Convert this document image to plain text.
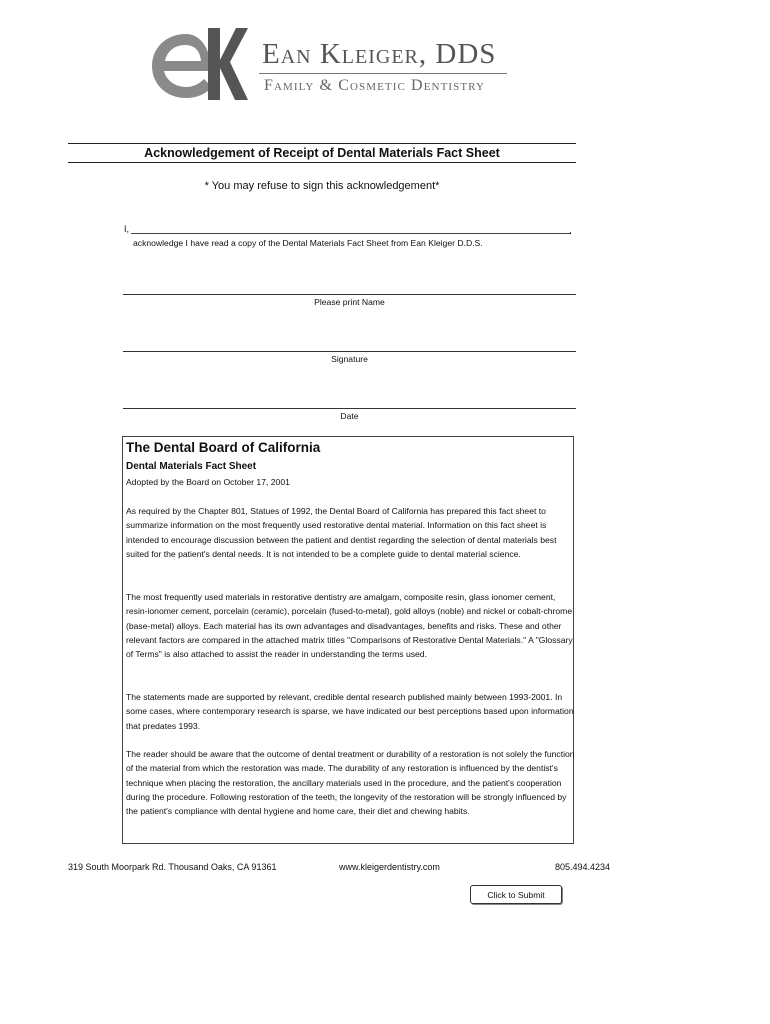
Ean Kleiger, DDS
Family & Cosmetic Dentistry
Acknowledgement of Receipt of Dental Materials Fact Sheet
* You may refuse to sign this acknowledgement*
I,	,
acknowledge I have read a copy of the Dental Materials Fact Sheet from Ean Kleiger D.D.S.
Please print Name
Signature
Date
The Dental Board of California
Dental Materials Fact Sheet
Adopted by the Board on October 17, 2001
As required by the Chapter 801, Statues of 1992, the Dental Board of California has prepared this fact sheet to summarize information on the most frequently used restorative dental material. Information on this fact sheet is intended to encourage discussion between the patient and dentist regarding the selection of dental materials best suited for the patient's dental needs. It is not intended to be a complete guide to dental material science.
The most frequently used materials in restorative dentistry are amalgam, composite resin, glass ionomer cement, resin-ionomer cement, porcelain (ceramic), porcelain (fused-to-metal), gold alloys (noble) and nickel or cobalt-chrome (base-metal) alloys. Each material has its own advantages and disadvantages, benefits and risks. These and other relevant factors are compared in the attached matrix titles "Comparisons of Restorative Dental Materials." A "Glossary of Terms" is also attached to assist the reader in understanding the terms used.
The statements made are supported by relevant, credible dental research published mainly between 1993-2001. In some cases, where contemporary research is sparse, we have indicated our best perceptions based upon information that predates 1993.
The reader should be aware that the outcome of dental treatment or durability of a restoration is not solely the function of the material from which the restoration was made. The durability of any restoration is influenced by the dentist's technique when placing the restoration, the ancillary materials used in the procedure, and the patient's cooperation during the procedure. Following restoration of the teeth, the longevity of the restoration will be strongly influenced by the patient's compliance with dental hygiene and home care, their diet and chewing habits.
319 South Moorpark Rd. Thousand Oaks, CA 91361	www.kleigerdentistry.com	805.494.4234
Click to Submit
